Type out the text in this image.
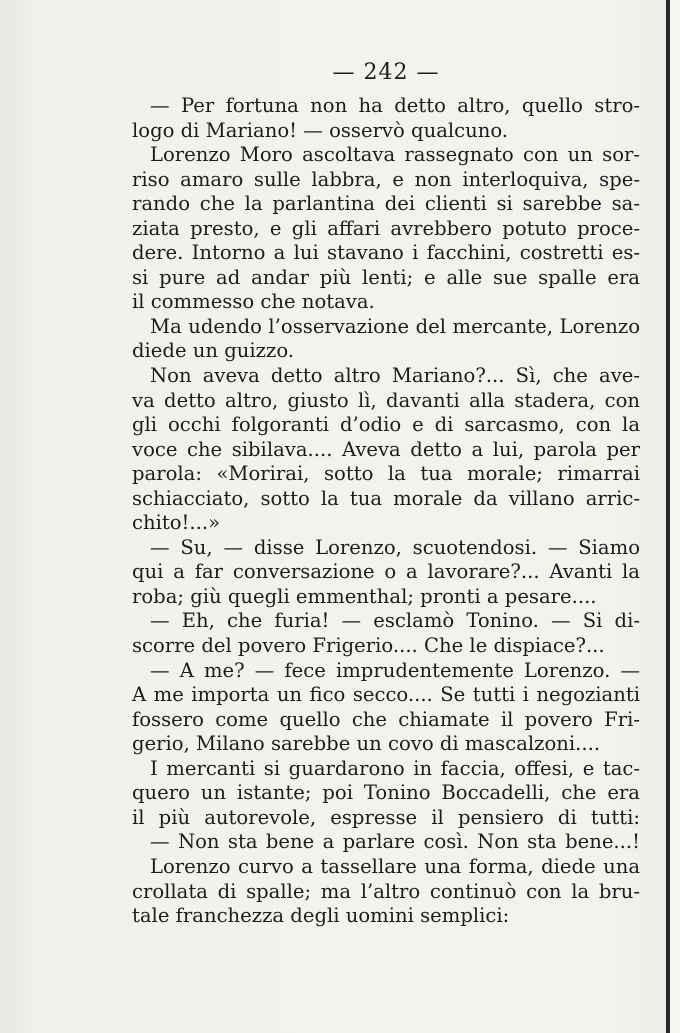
— 242 —
— Per fortuna non ha detto altro, quello stro-
logo di Mariano! — osservò qualcuno.
Lorenzo Moro ascoltava rassegnato con un sor-
riso amaro sulle labbra, e non interloquiva, spe-
rando che la parlantina dei clienti si sarebbe sa-
ziata presto, e gli affari avrebbero potuto proce-
dere. Intorno a lui stavano i facchini, costretti es-
si pure ad andar più lenti; e alle sue spalle era
il commesso che notava.
Ma udendo l’osservazione del mercante, Lorenzo
diede un guizzo.
Non aveva detto altro Mariano?... Sì, che ave-
va detto altro, giusto lì, davanti alla stadera, con
gli occhi folgoranti d’odio e di sarcasmo, con la
voce che sibilava.... Aveva detto a lui, parola per
parola: «Morirai, sotto la tua morale; rimarrai
schiacciato, sotto la tua morale da villano arric-
chito!...»
— Su, — disse Lorenzo, scuotendosi. — Siamo
qui a far conversazione o a lavorare?... Avanti la
roba; giù quegli emmenthal; pronti a pesare....
— Eh, che furia! — esclamò Tonino. — Si di-
scorre del povero Frigerio.... Che le dispiace?...
— A me? — fece imprudentemente Lorenzo. —
A me importa un fico secco.... Se tutti i negozianti
fossero come quello che chiamate il povero Fri-
gerio, Milano sarebbe un covo di mascalzoni....
I mercanti si guardarono in faccia, offesi, e tac-
quero un istante; poi Tonino Boccadelli, che era
il più autorevole, espresse il pensiero di tutti:
— Non sta bene a parlare così. Non sta bene...!
Lorenzo curvo a tassellare una forma, diede una
crollata di spalle; ma l’altro continuò con la bru-
tale franchezza degli uomini semplici:
